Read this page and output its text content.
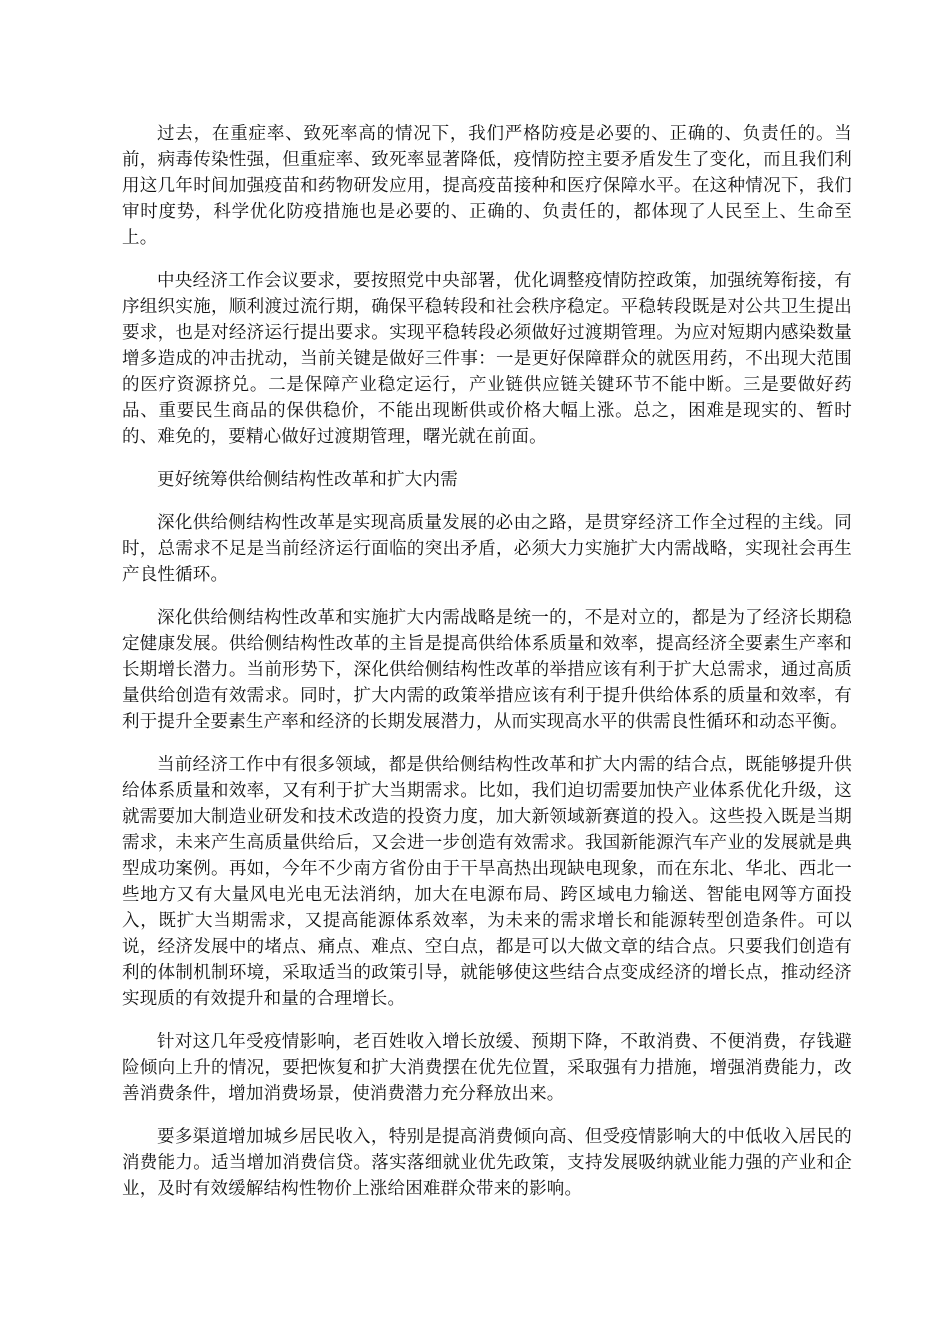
过去，在重症率、致死率高的情况下，我们严格防疫是必要的、正确的、负责任的。当前，病毒传染性强，但重症率、致死率显著降低，疫情防控主要矛盾发生了变化，而且我们利用这几年时间加强疫苗和药物研发应用，提高疫苗接种和医疗保障水平。在这种情况下，我们审时度势，科学优化防疫措施也是必要的、正确的、负责任的，都体现了人民至上、生命至上。

中央经济工作会议要求，要按照党中央部署，优化调整疫情防控政策，加强统筹衔接，有序组织实施，顺利渡过流行期，确保平稳转段和社会秩序稳定。平稳转段既是对公共卫生提出要求，也是对经济运行提出要求。实现平稳转段必须做好过渡期管理。为应对短期内感染数量增多造成的冲击扰动，当前关键是做好三件事：一是更好保障群众的就医用药，不出现大范围的医疗资源挤兑。二是保障产业稳定运行，产业链供应链关键环节不能中断。三是要做好药品、重要民生商品的保供稳价，不能出现断供或价格大幅上涨。总之，困难是现实的、暂时的、难免的，要精心做好过渡期管理，曙光就在前面。

更好统筹供给侧结构性改革和扩大内需

深化供给侧结构性改革是实现高质量发展的必由之路，是贯穿经济工作全过程的主线。同时，总需求不足是当前经济运行面临的突出矛盾，必须大力实施扩大内需战略，实现社会再生产良性循环。

深化供给侧结构性改革和实施扩大内需战略是统一的，不是对立的，都是为了经济长期稳定健康发展。供给侧结构性改革的主旨是提高供给体系质量和效率，提高经济全要素生产率和长期增长潜力。当前形势下，深化供给侧结构性改革的举措应该有利于扩大总需求，通过高质量供给创造有效需求。同时，扩大内需的政策举措应该有利于提升供给体系的质量和效率，有利于提升全要素生产率和经济的长期发展潜力，从而实现高水平的供需良性循环和动态平衡。

当前经济工作中有很多领域，都是供给侧结构性改革和扩大内需的结合点，既能够提升供给体系质量和效率，又有利于扩大当期需求。比如，我们迫切需要加快产业体系优化升级，这就需要加大制造业研发和技术改造的投资力度，加大新领域新赛道的投入。这些投入既是当期需求，未来产生高质量供给后，又会进一步创造有效需求。我国新能源汽车产业的发展就是典型成功案例。再如，今年不少南方省份由于干旱高热出现缺电现象，而在东北、华北、西北一些地方又有大量风电光电无法消纳，加大在电源布局、跨区域电力输送、智能电网等方面投入，既扩大当期需求，又提高能源体系效率，为未来的需求增长和能源转型创造条件。可以说，经济发展中的堵点、痛点、难点、空白点，都是可以大做文章的结合点。只要我们创造有利的体制机制环境，采取适当的政策引导，就能够使这些结合点变成经济的增长点，推动经济实现质的有效提升和量的合理增长。

针对这几年受疫情影响，老百姓收入增长放缓、预期下降，不敢消费、不便消费，存钱避险倾向上升的情况，要把恢复和扩大消费摆在优先位置，采取强有力措施，增强消费能力，改善消费条件，增加消费场景，使消费潜力充分释放出来。

要多渠道增加城乡居民收入，特别是提高消费倾向高、但受疫情影响大的中低收入居民的消费能力。适当增加消费信贷。落实落细就业优先政策，支持发展吸纳就业能力强的产业和企业，及时有效缓解结构性物价上涨给困难群众带来的影响。
